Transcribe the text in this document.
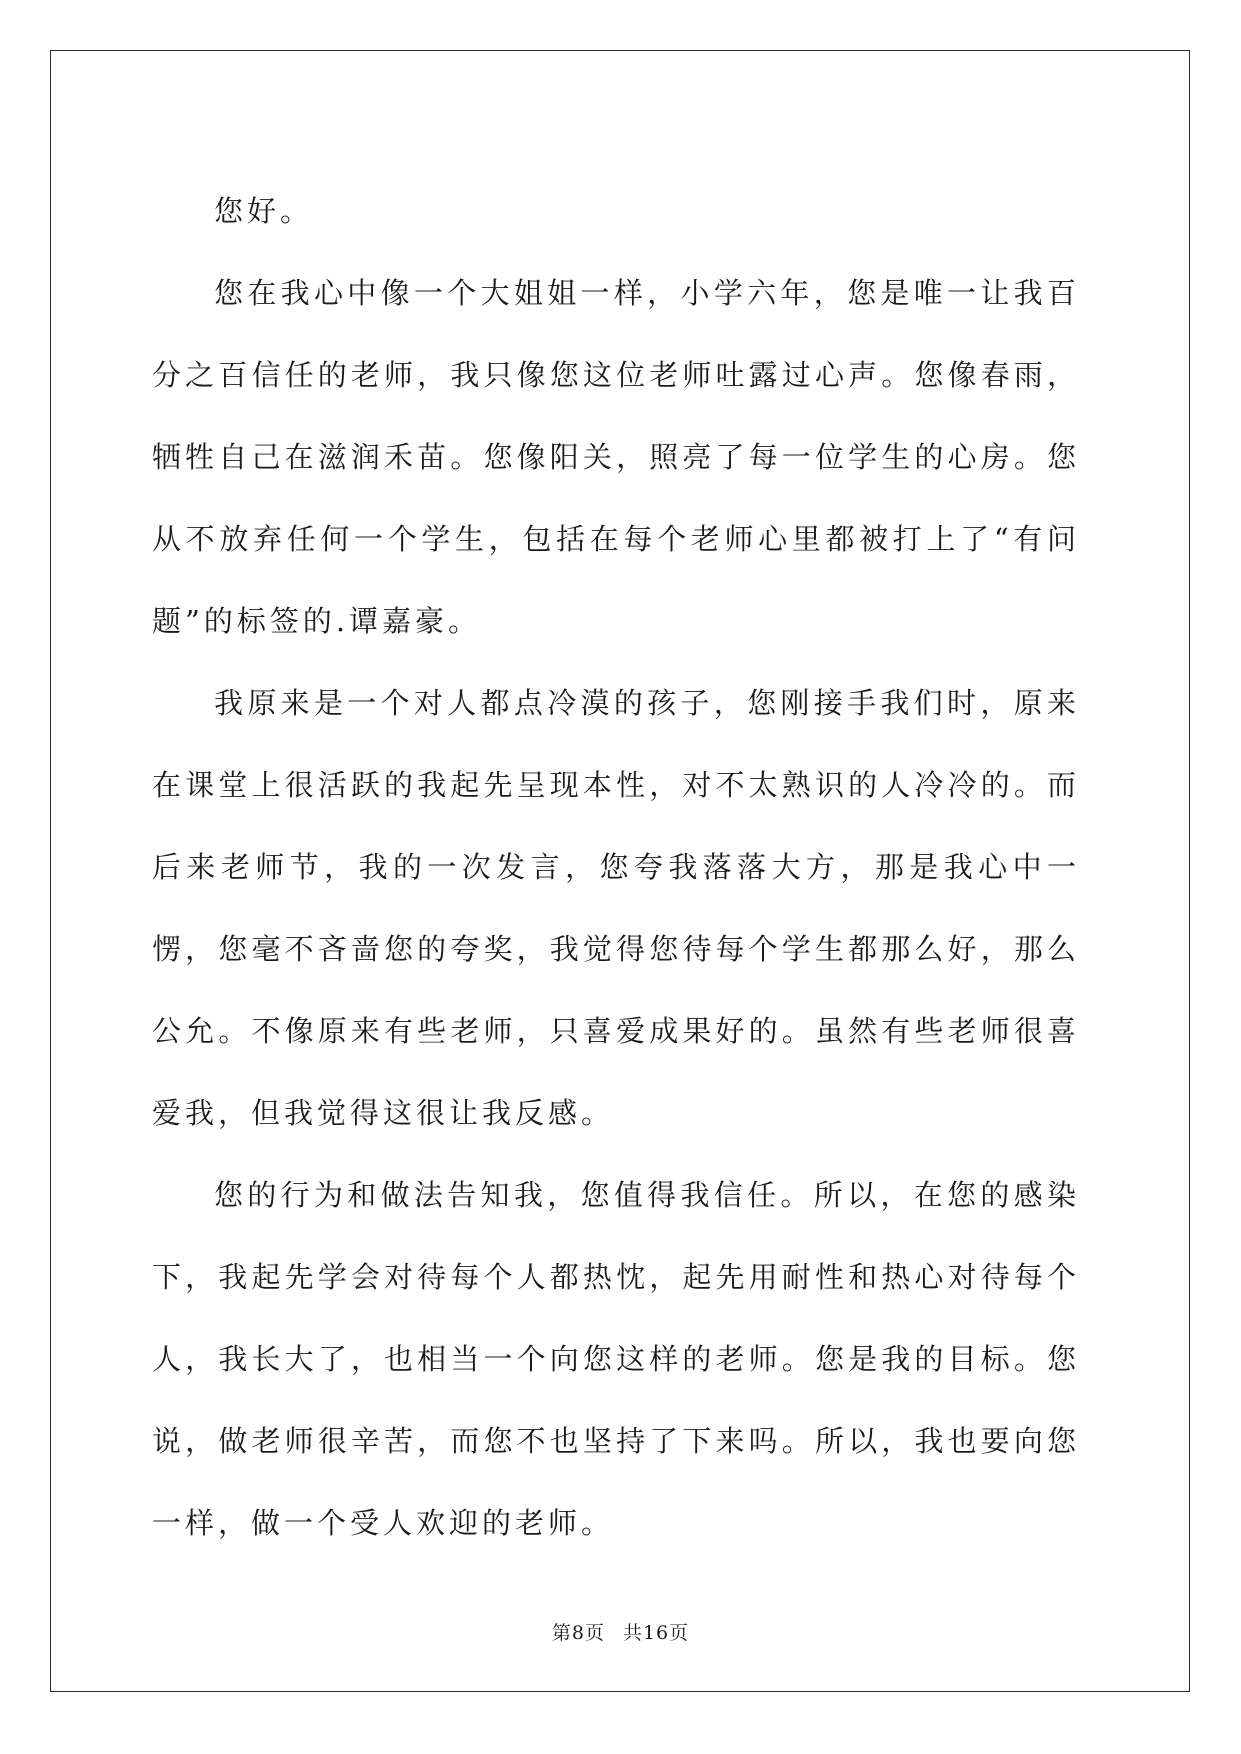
您好。

您在我心中像一个大姐姐一样，小学六年，您是唯一让我百分之百信任的老师，我只像您这位老师吐露过心声。您像春雨，牺牲自己在滋润禾苗。您像阳关，照亮了每一位学生的心房。您从不放弃任何一个学生，包括在每个老师心里都被打上了“有问题”的标签的.谭嘉豪。

我原来是一个对人都点冷漠的孩子，您刚接手我们时，原来在课堂上很活跃的我起先呈现本性，对不太熟识的人冷冷的。而后来老师节，我的一次发言，您夸我落落大方，那是我心中一愣，您毫不吝啬您的夸奖，我觉得您待每个学生都那么好，那么公允。不像原来有些老师，只喜爱成果好的。虽然有些老师很喜爱我，但我觉得这很让我反感。

您的行为和做法告知我，您值得我信任。所以，在您的感染下，我起先学会对待每个人都热忱，起先用耐性和热心对待每个人，我长大了，也相当一个向您这样的老师。您是我的目标。您说，做老师很辛苦，而您不也坚持了下来吗。所以，我也要向您一样，做一个受人欢迎的老师。

第8页 共16页
